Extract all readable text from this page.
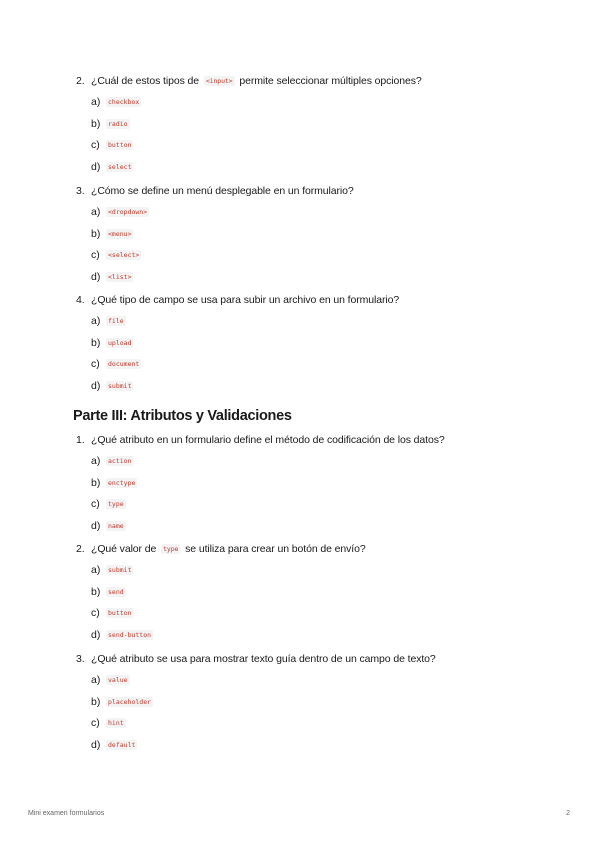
2. ¿Cuál de estos tipos de <input> permite seleccionar múltiples opciones?
a)	checkbox
b)	radio
c)	button
d)	select
3. ¿Cómo se define un menú desplegable en un formulario?
a)	<dropdown>
b)	<menu>
c)	<select>
d)	<list>
4. ¿Qué tipo de campo se usa para subir un archivo en un formulario?
a)	file
b)	upload
c)	document
d)	submit
Parte III: Atributos y Validaciones
1. ¿Qué atributo en un formulario define el método de codificación de los datos?
a)	action
b)	enctype
c)	type
d)	name
2. ¿Qué valor de type se utiliza para crear un botón de envío?
a)	submit
b)	send
c)	button
d)	send-button
3. ¿Qué atributo se usa para mostrar texto guía dentro de un campo de texto?
a)	value
b)	placeholder
c)	hint
d)	default
Mini examen formularios	2
